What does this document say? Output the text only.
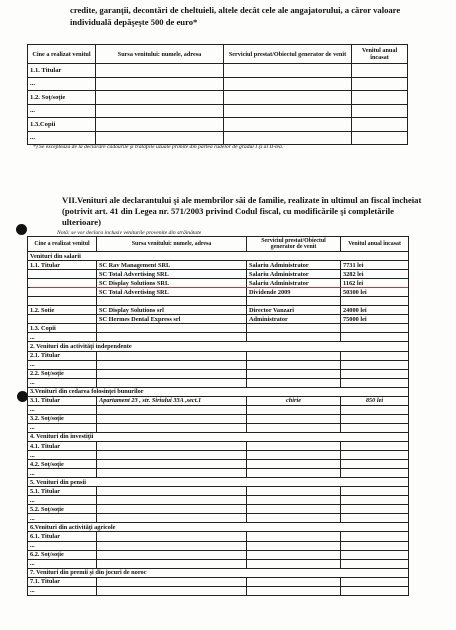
credite, garanţii, decontări de cheltuieli, altele decât cele ale angajatorului, a căror valoare individuală depăşeşte 500 de euro*
Cine a realizat venitul	Sursa venitului: numele, adresa	Serviciul prestat/Obiectul generator de venit	Venitul anual încasat
1.1. Titular			
...			
1.2. Soţ/soţie			
...			
1.3.Copii			
...			
*) Se exceptează de la declarare cadourile şi trataţiile uzuale primite din partea rudelor de gradul I şi al II-lea.
VII.Venituri ale declarantului şi ale membrilor săi de familie, realizate în ultimul an fiscal încheiat (potrivit art. 41 din Legea nr. 571/2003 privind Codul fiscal, cu modificările şi completările ulterioare)
Notă: se vor declara inclusiv veniturile provenite din străinătate
Cine a realizat venitul	Sursa venitului: numele, adresa	Serviciul prestat/Obiectul generator de venit	Venitul anual încasat
Venituri din salarii			
1.1. Titular	SC Rav Management SRL	Salariu Administrator	7731 lei
	SC Total Advertising SRL	Salariu Administrator	3282 lei
	SC Display Solutions SRL	Salariu Administrator	1162 lei
	SC Total Advertising SRL	Dividende 2009	50300 lei

1.2. Sotie	SC Display Solutions srl	Director Vanzari	24000 lei
	SC Hermes Dental Express srl	Administrator	75000 lei
1.3. Copii			
...			
2. Venituri din activităţi independente			
2.1. Titular			
...			
2.2. Soţ/soţie			
...			
3.Venituri din cedarea folosinţei bunurilor			
3.1. Titular	Apartament 23 , str. Siriului 33A ,sect.1	chirie	850 lei
...			
3.2. Soţ/soţie			
...			
4. Venituri din investiţii			
4.1. Titular			
...			
4.2. Soţ/soţie			
...			
5. Venituri din pensii			
5.1. Titular			
...			
5.2. Soţ/soţie			
...			
6.Venituri din activităţi agricole			
6.1. Titular			
...			
6.2. Soţ/soţie			
...			
7. Venituri din premii şi din jocuri de noroc			
7.1. Titular			
...			
